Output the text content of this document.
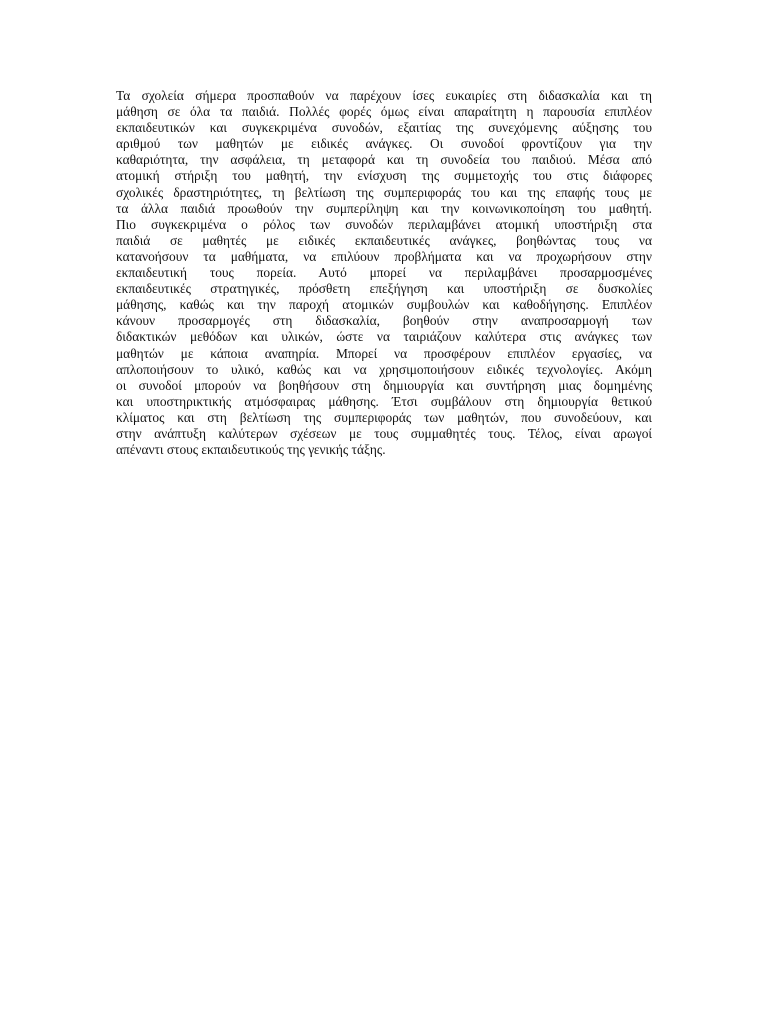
Τα σχολεία σήμερα προσπαθούν να παρέχουν ίσες ευκαιρίες στη διδασκαλία και τη
μάθηση σε όλα τα παιδιά. Πολλές φορές όμως είναι απαραίτητη η παρουσία επιπλέον
εκπαιδευτικών και συγκεκριμένα συνοδών, εξαιτίας της συνεχόμενης αύξησης του
αριθμού των μαθητών με ειδικές ανάγκες. Οι συνοδοί φροντίζουν για την
καθαριότητα, την ασφάλεια, τη μεταφορά και τη συνοδεία του παιδιού. Μέσα από
ατομική στήριξη του μαθητή, την ενίσχυση της συμμετοχής του στις διάφορες
σχολικές δραστηριότητες, τη βελτίωση της συμπεριφοράς του και της επαφής τους με
τα άλλα παιδιά προωθούν την συμπερίληψη και την κοινωνικοποίηση του μαθητή.
Πιο συγκεκριμένα ο ρόλος των συνοδών περιλαμβάνει ατομική υποστήριξη στα
παιδιά σε μαθητές με ειδικές εκπαιδευτικές ανάγκες, βοηθώντας τους να
κατανοήσουν τα μαθήματα, να επιλύουν προβλήματα και να προχωρήσουν στην
εκπαιδευτική τους πορεία. Αυτό μπορεί να περιλαμβάνει προσαρμοσμένες
εκπαιδευτικές στρατηγικές, πρόσθετη επεξήγηση και υποστήριξη σε δυσκολίες
μάθησης, καθώς και την παροχή ατομικών συμβουλών και καθοδήγησης. Επιπλέον
κάνουν προσαρμογές στη διδασκαλία, βοηθούν στην αναπροσαρμογή των
διδακτικών μεθόδων και υλικών, ώστε να ταιριάζουν καλύτερα στις ανάγκες των
μαθητών με κάποια αναπηρία. Μπορεί να προσφέρουν επιπλέον εργασίες, να
απλοποιήσουν το υλικό, καθώς και να χρησιμοποιήσουν ειδικές τεχνολογίες. Ακόμη
οι συνοδοί μπορούν να βοηθήσουν στη δημιουργία και συντήρηση μιας δομημένης
και υποστηρικτικής ατμόσφαιρας μάθησης. Έτσι συμβάλουν στη δημιουργία θετικού
κλίματος και στη βελτίωση της συμπεριφοράς των μαθητών, που συνοδεύουν, και
στην ανάπτυξη καλύτερων σχέσεων με τους συμμαθητές τους. Τέλος, είναι αρωγοί
απέναντι στους εκπαιδευτικούς της γενικής τάξης.
